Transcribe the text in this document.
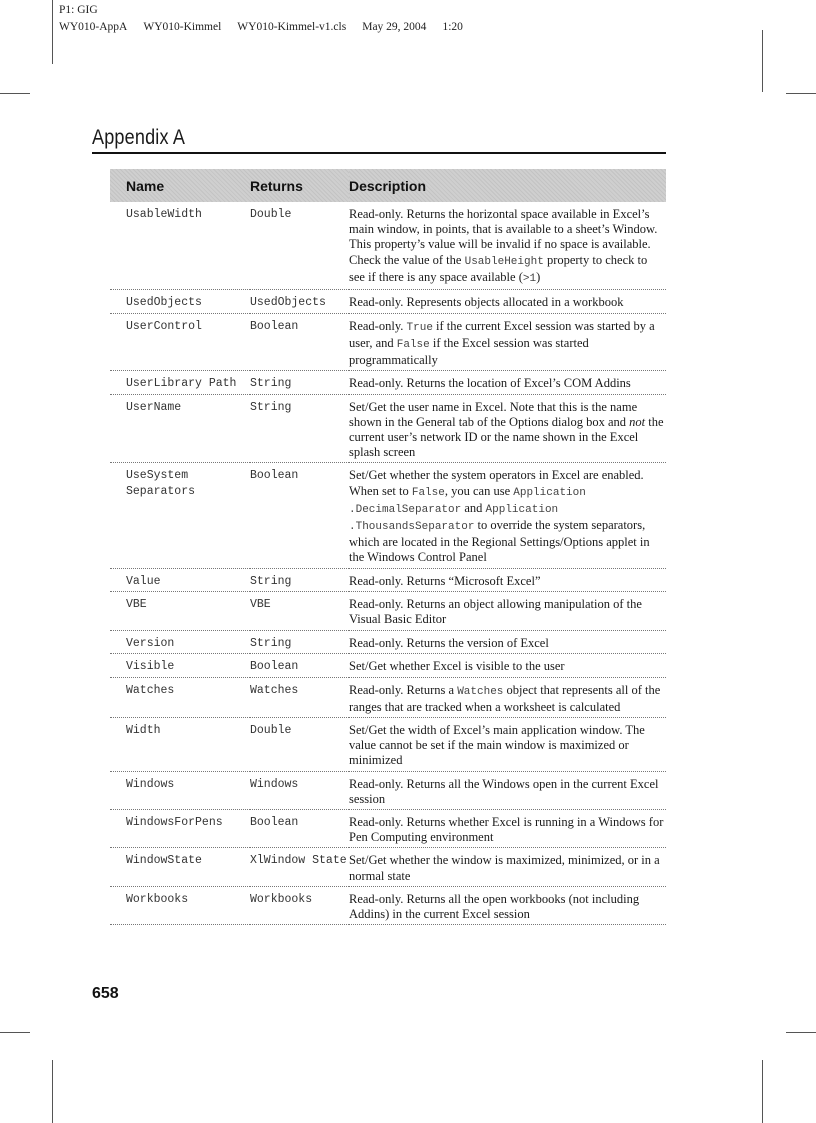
P1: GIG
WY010-AppA WY010-Kimmel WY010-Kimmel-v1.cls May 29, 2004 1:20
Appendix A
Name	Returns	Description
UsableWidth	Double	Read-only. Returns the horizontal space available in Excel’s main window, in points, that is available to a sheet’s Window. This property’s value will be invalid if no space is available. Check the value of the UsableHeight property to check to see if there is any space available (>1)
UsedObjects	UsedObjects	Read-only. Represents objects allocated in a workbook
UserControl	Boolean	Read-only. True if the current Excel session was started by a user, and False if the Excel session was started programmatically
UserLibrary Path	String	Read-only. Returns the location of Excel’s COM Addins
UserName	String	Set/Get the user name in Excel. Note that this is the name shown in the General tab of the Options dialog box and not the current user’s network ID or the name shown in the Excel splash screen
UseSystem Separators	Boolean	Set/Get whether the system operators in Excel are enabled. When set to False, you can use Application .DecimalSeparator and Application .ThousandsSeparator to override the system separators, which are located in the Regional Settings/Options applet in the Windows Control Panel
Value	String	Read-only. Returns “Microsoft Excel”
VBE	VBE	Read-only. Returns an object allowing manipulation of the Visual Basic Editor
Version	String	Read-only. Returns the version of Excel
Visible	Boolean	Set/Get whether Excel is visible to the user
Watches	Watches	Read-only. Returns a Watches object that represents all of the ranges that are tracked when a worksheet is calculated
Width	Double	Set/Get the width of Excel’s main application window. The value cannot be set if the main window is maximized or minimized
Windows	Windows	Read-only. Returns all the Windows open in the current Excel session
WindowsForPens	Boolean	Read-only. Returns whether Excel is running in a Windows for Pen Computing environment
WindowState	XlWindow State	Set/Get whether the window is maximized, minimized, or in a normal state
Workbooks	Workbooks	Read-only. Returns all the open workbooks (not including Addins) in the current Excel session
658
